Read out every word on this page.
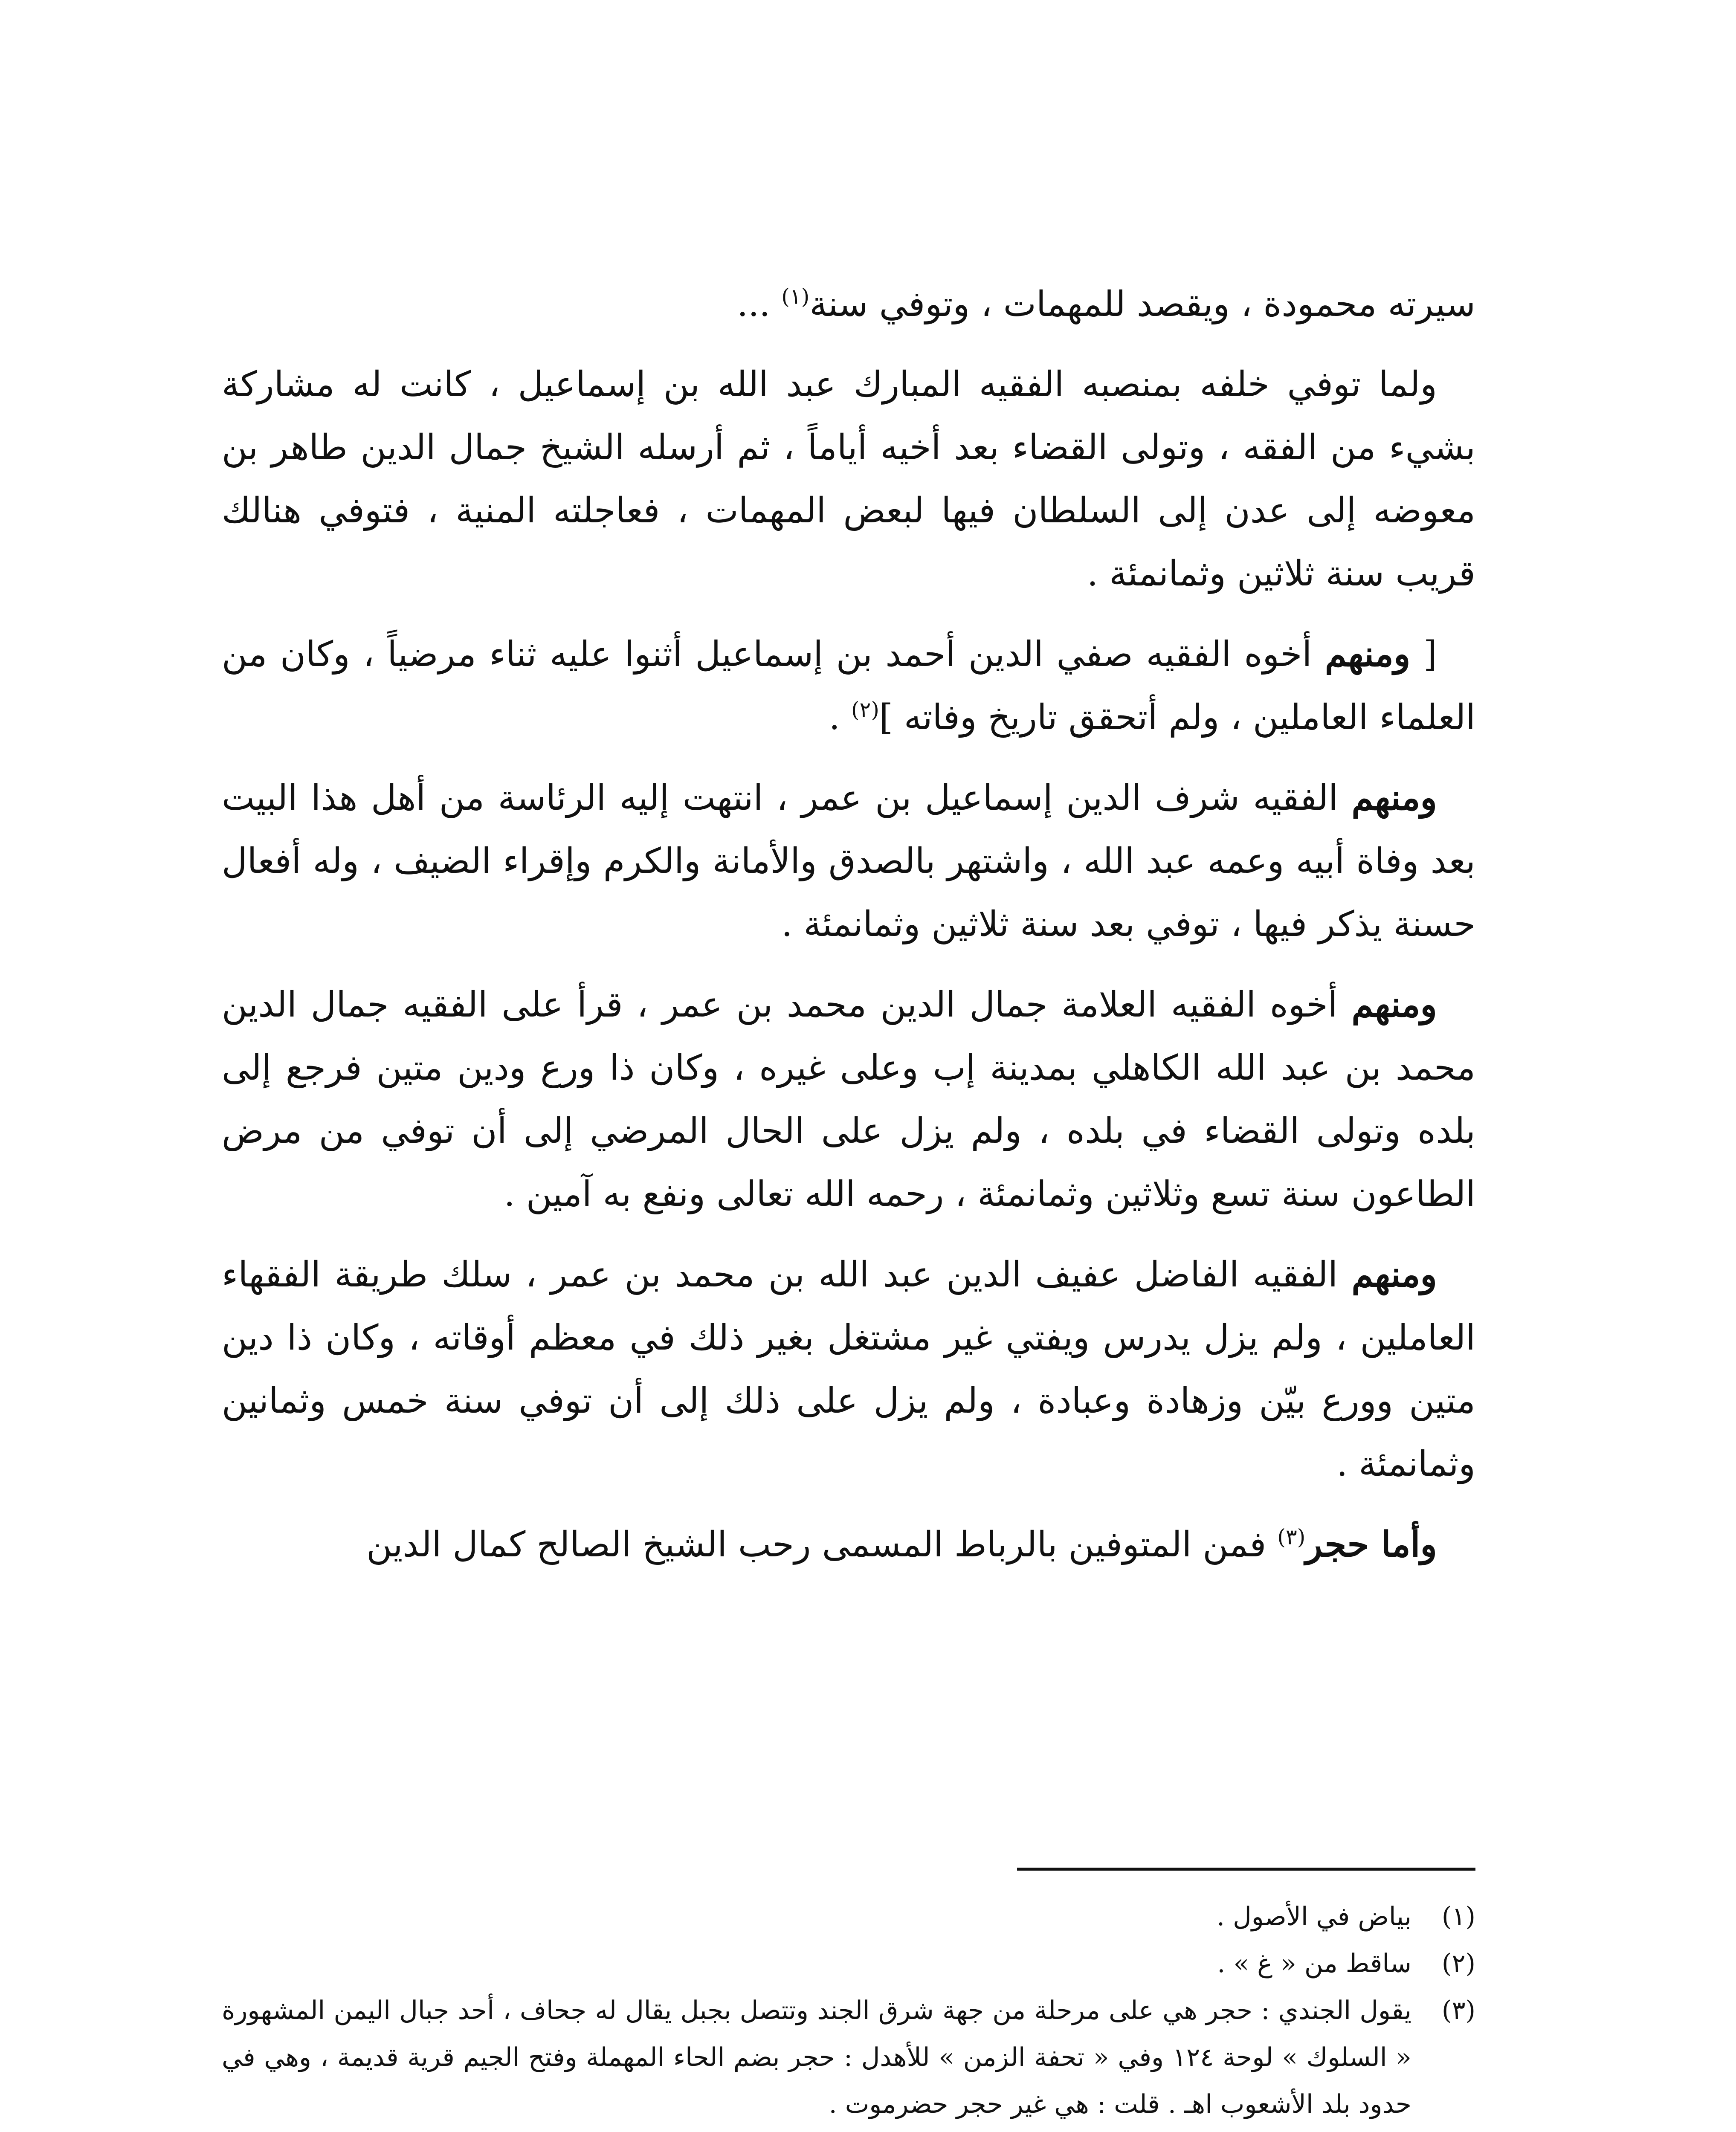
سيرته محمودة ، ويقصد للمهمات ، وتوفي سنة$^{(١)}$ ...

ولما توفي خلفه بمنصبه الفقيه المبارك عبد الله بن إسماعيل ، كانت له مشاركة بشيء من الفقه ، وتولى القضاء بعد أخيه أياماً ، ثم أرسله الشيخ جمال الدين طاهر بن معوضه إلى عدن إلى السلطان فيها لبعض المهمات ، فعاجلته المنية ، فتوفي هنالك قريب سنة ثلاثين وثمانمئة .

[ ومنهم أخوه الفقيه صفي الدين أحمد بن إسماعيل أثنوا عليه ثناء مرضياً ، وكان من العلماء العاملين ، ولم أتحقق تاريخ وفاته ]$^{(٢)}$ .

ومنهم الفقيه شرف الدين إسماعيل بن عمر ، انتهت إليه الرئاسة من أهل هذا البيت بعد وفاة أبيه وعمه عبد الله ، واشتهر بالصدق والأمانة والكرم وإقراء الضيف ، وله أفعال حسنة يذكر فيها ، توفي بعد سنة ثلاثين وثمانمئة .

ومنهم أخوه الفقيه العلامة جمال الدين محمد بن عمر ، قرأ على الفقيه جمال الدين محمد بن عبد الله الكاهلي بمدينة إب وعلى غيره ، وكان ذا ورع ودين متين فرجع إلى بلده وتولى القضاء في بلده ، ولم يزل على الحال المرضي إلى أن توفي من مرض الطاعون سنة تسع وثلاثين وثمانمئة ، رحمه الله تعالى ونفع به آمين .

ومنهم الفقيه الفاضل عفيف الدين عبد الله بن محمد بن عمر ، سلك طريقة الفقهاء العاملين ، ولم يزل يدرس ويفتي غير مشتغل بغير ذلك في معظم أوقاته ، وكان ذا دين متين وورع بيّن وزهادة وعبادة ، ولم يزل على ذلك إلى أن توفي سنة خمس وثمانين وثمانمئة .

وأما حجر$^{(٣)}$ فمن المتوفين بالرباط المسمى رحب الشيخ الصالح كمال الدين

(١)
بياض في الأصول .
(٢)
ساقط من « غ » .
(٣)
يقول الجندي : حجر هي على مرحلة من جهة شرق الجند وتتصل بجبل يقال له جحاف ، أحد جبال اليمن المشهورة « السلوك » لوحة ١٢٤ وفي « تحفة الزمن » للأهدل : حجر بضم الحاء المهملة وفتح الجيم قرية قديمة ، وهي في حدود بلد الأشعوب اهـ . قلت : هي غير حجر حضرموت .
